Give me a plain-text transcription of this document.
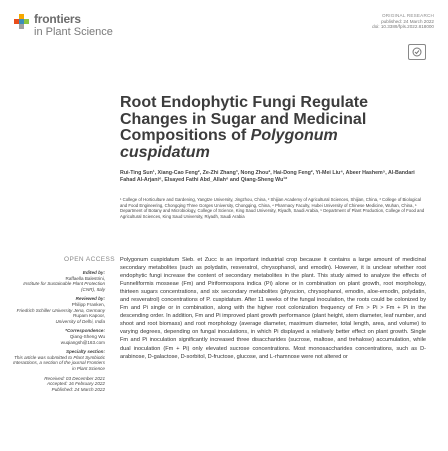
frontiers
in Plant Science
ORIGINAL RESEARCH
published: 24 March 2022
doi: 10.3389/fpls.2022.818000
Root Endophytic Fungi Regulate
Changes in Sugar and Medicinal
Compositions of Polygonum
cuspidatum
Rui-Ting Sun¹, Xiang-Cao Feng², Ze-Zhi Zhang³, Nong Zhou², Hai-Dong Feng², Yi-Mei Liu⁴, Abeer Hashem⁵, Al-Bandari Fahad Al-Arjani⁶, Elsayed Fathi Abd_Allah⁶ and Qiang-Sheng Wu¹*
¹ College of Horticulture and Gardening, Yangtze University, Jingzhou, China, ² Shijian Academy of Agricultural Sciences, Shijian, China, ³ College of Biological and Food Engineering, Chongqing Three Gorges University, Chongqing, China, ⁴ Pharmacy Faculty, Hubei University of Chinese Medicine, Wuhan, China, ⁵ Department of Botany and Microbiology, College of Science, King Saud University, Riyadh, Saudi Arabia, ⁶ Department of Plant Production, College of Food and Agricultural Sciences, King Saud University, Riyadh, Saudi Arabia
OPEN ACCESS
Edited by:
Raffaella Balestrini,
Institute for Sustainable Plant Protection (CNR), Italy
Reviewed by:
Philipp Franken,
Friedrich Schiller University Jena, Germany
Rupam Kapoor,
University of Delhi, India
*Correspondence:
Qiang-Sheng Wu
wuqiangsh@163.com
Specialty section:
This article was submitted to Plant Symbiotic Interactions, a section of the journal Frontiers in Plant Science
Received: 03 December 2021
Accepted: 16 February 2022
Published: 24 March 2022

Polygonum cuspidatum Sieb. et Zucc is an important industrial crop because it contains a large amount of medicinal secondary metabolites (such as polydatin, resveratrol, chrysophanol, and emodin). However, it is unclear whether root endophytic fungi increase the content of secondary metabolites in the plant. This study aimed to analyze the effects of Funneliformis mosseae (Fm) and Piriformospora indica (Pi) alone or in combination on plant growth, root morphology, thirteen sugars concentrations, and six secondary metabolites (physcion, chrysophanol, emodin, aloe-emodin, polydatin, and resveratrol) concentrations of P. cuspidatum. After 11 weeks of the fungal inoculation, the roots could be colonized by Fm and Pi single or in combination, along with the higher root colonization frequency of Fm > Pi > Fm + Pi in the descending order. In addition, Fm and Pi improved plant growth performance (plant height, stem diameter, leaf number, and shoot and root biomass) and root morphology (average diameter, maximum diameter, total length, area, and volume) to varying degrees, depending on fungal inoculations, in which Pi displayed a relatively better effect on plant growth. Single Fm and Pi inoculation significantly increased three disaccharides (sucrose, maltose, and trehalose) accumulation, while dual inoculation (Fm + Pi) only elevated sucrose concentrations. Most monosaccharides concentrations, such as D-arabinose, D-galactose, D-sorbitol, D-fructose, glucose, and L-rhamnose were not altered or
